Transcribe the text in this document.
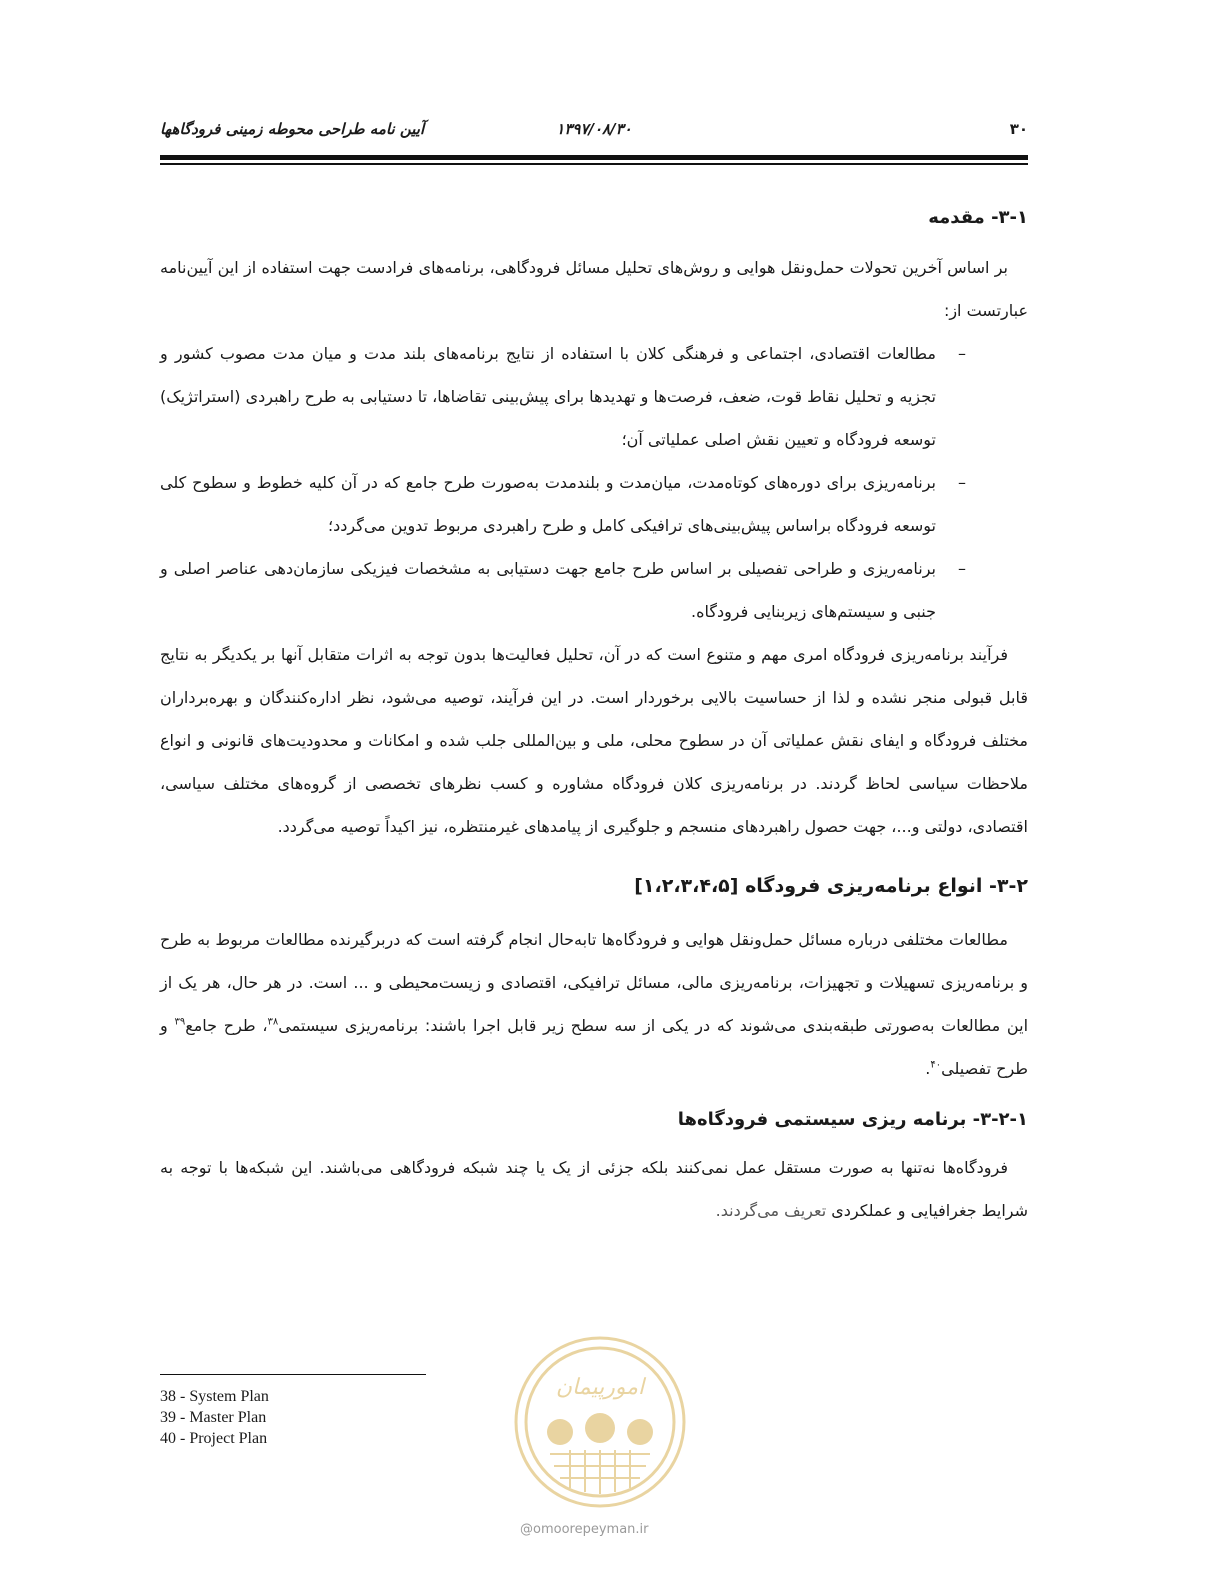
۳۰
۱۳۹۷/۰۸/۳۰
آیین نامه طراحی محوطه زمینی فرودگاهها
۳-۱- مقدمه

بر اساس آخرین تحولات حمل‌ونقل هوایی و روش‌های تحلیل مسائل فرودگاهی، برنامه‌های فرادست جهت استفاده از این آیین‌نامه عبارتست از:

–
مطالعات اقتصادی، اجتماعی و فرهنگی کلان با استفاده از نتایج برنامه‌های بلند مدت و میان مدت مصوب کشور و تجزیه و تحلیل نقاط قوت، ضعف، فرصت‌ها و تهدیدها برای پیش‌بینی تقاضاها، تا دستیابی به طرح راهبردی (استراتژیک) توسعه فرودگاه و تعیین نقش اصلی عملیاتی آن؛
–
برنامه‌ریزی برای دوره‌های کوتاه‌مدت، میان‌مدت و بلندمدت به‌صورت طرح جامع که در آن کلیه خطوط و سطوح کلی توسعه فرودگاه براساس پیش‌بینی‌های ترافیکی کامل و طرح راهبردی مربوط تدوین می‌گردد؛
–
برنامه‌ریزی و طراحی تفصیلی بر اساس طرح جامع جهت دستیابی به مشخصات فیزیکی سازمان‌دهی عناصر اصلی و جنبی و سیستم‌های زیربنایی فرودگاه.

فرآیند برنامه‌ریزی فرودگاه امری مهم و متنوع است که در آن، تحلیل فعالیت‌ها بدون توجه به اثرات متقابل آنها بر یکدیگر به نتایج قابل قبولی منجر نشده و لذا از حساسیت بالایی برخوردار است. در این فرآیند، توصیه می‌شود، نظر اداره‌کنندگان و بهره‌برداران مختلف فرودگاه و ایفای نقش عملیاتی آن در سطوح محلی، ملی و بین‌المللی جلب شده و امکانات و محدودیت‌های قانونی و انواع ملاحظات سیاسی لحاظ گردند. در برنامه‌ریزی کلان فرودگاه مشاوره و کسب نظرهای تخصصی از گروه‌های مختلف سیاسی، اقتصادی، دولتی و...، جهت حصول راهبردهای منسجم و جلوگیری از پیامدهای غیرمنتظره، نیز اکیداً توصیه می‌گردد.

۳-۲- انواع برنامه‌ریزی فرودگاه [۱،۲،۳،۴،۵]

مطالعات مختلفی درباره مسائل حمل‌ونقل هوایی و فرودگاه‌ها تابه‌حال انجام گرفته است که دربرگیرنده مطالعات مربوط به طرح و برنامه‌ریزی تسهیلات و تجهیزات، برنامه‌ریزی مالی، مسائل ترافیکی، اقتصادی و زیست‌محیطی و ... است. در هر حال، هر یک از این مطالعات به‌صورتی طبقه‌بندی می‌شوند که در یکی از سه سطح زیر قابل اجرا باشند: برنامه‌ریزی سیستمی$^{۳۸}$، طرح جامع$^{۳۹}$ و طرح تفصیلی$^{۴۰}$.

۳-۲-۱- برنامه ریزی سیستمی فرودگاه‌ها

فرودگاه‌ها نه‌تنها به صورت مستقل عمل نمی‌کنند بلکه جزئی از یک یا چند شبکه فرودگاهی می‌باشند. این شبکه‌ها با توجه به شرایط جغرافیایی و عملکردی تعریف می‌گردند.

38 - System Plan
39 - Master Plan
40 - Project Plan
امورپیمان
@omoorepeyman.ir
